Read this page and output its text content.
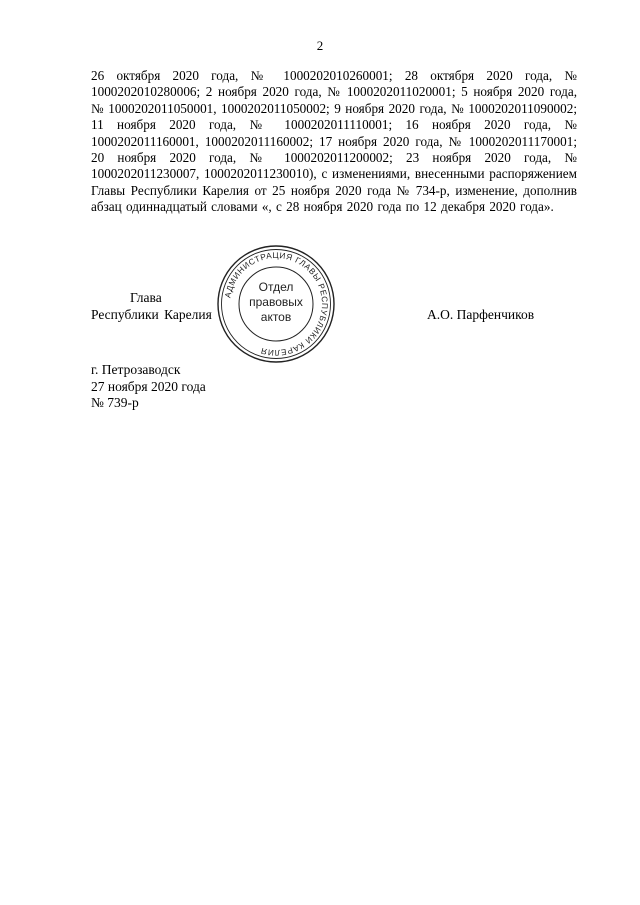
2

26 октября 2020 года, № 1000202010260001; 28 октября 2020 года, № 1000202010280006; 2 ноября 2020 года, № 1000202011020001; 5 ноября 2020 года, № 1000202011050001, 1000202011050002; 9 ноября 2020 года, № 1000202011090002; 11 ноября 2020 года, № 1000202011110001; 16 ноября 2020 года, № 1000202011160001, 1000202011160002; 17 ноября 2020 года, № 1000202011170001; 20 ноября 2020 года, № 1000202011200002; 23 ноября 2020 года, № 100020201123000​7, 1000202011230010), с изменениями, внесенными распоряжением Главы Республики Карелия от 25 ноября 2020 года № 734-р, изменение, дополнив абзац одиннадцатый словами «, с 28 ноября 2020 года по 12 декабря 2020 года».

Глава
Республики Карелия	А.О. Парфенчиков
АДМИНИСТРАЦИЯ ГЛАВЫ РЕСПУБЛИКИ КАРЕЛИЯ
Отдел
правовых
актов
г. Петрозаводск
27 ноября 2020 года
№ 739-р
